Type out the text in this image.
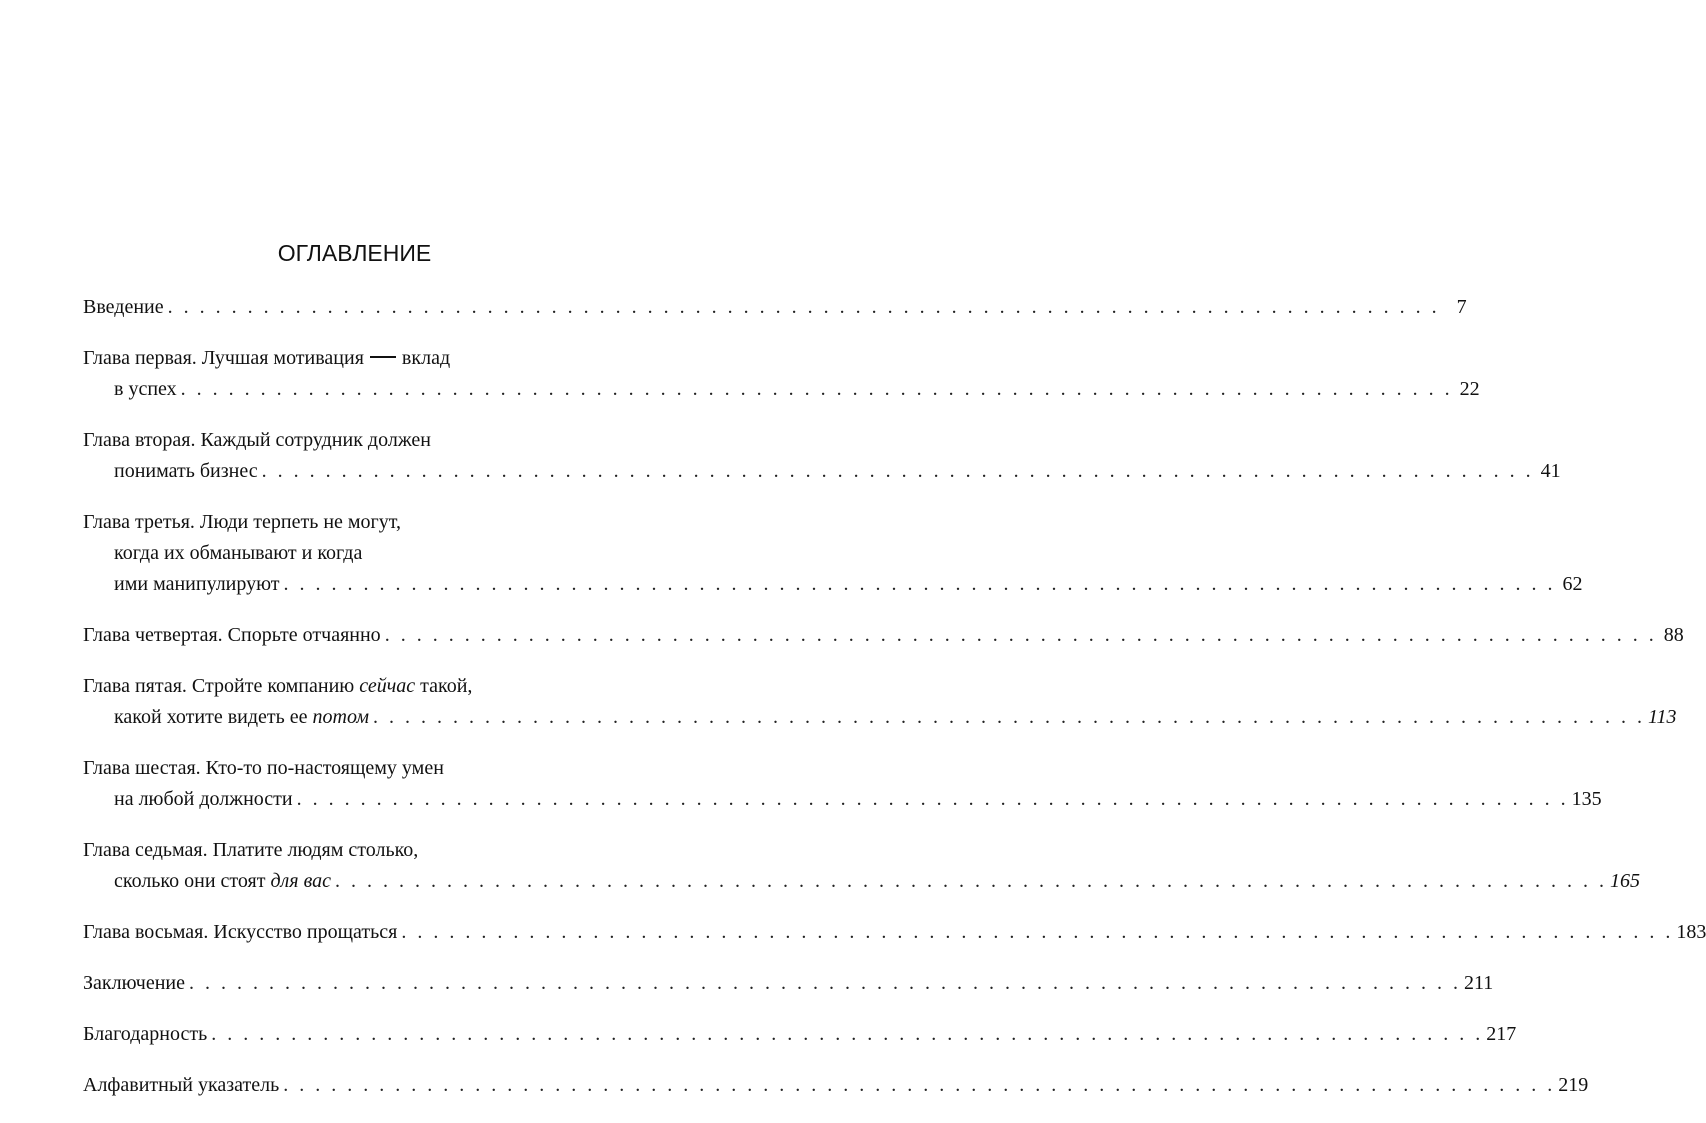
ОГЛАВЛЕНИЕ
Введение . . . . . . . . . . . . . . . . . . . . . . . . . . . . . . . . . . . . . . . . . . . . . . . . . . . . . . . . . . . . . . . . . . . . . . . . . . . . . . . . 7
Глава первая. Лучшая мотивация вклад
в успех . . . . . . . . . . . . . . . . . . . . . . . . . . . . . . . . . . . . . . . . . . . . . . . . . . . . . . . . . . . . . . . . . . . . . . . . . . . . . . . . 22
Глава вторая. Каждый сотрудник должен
понимать бизнес . . . . . . . . . . . . . . . . . . . . . . . . . . . . . . . . . . . . . . . . . . . . . . . . . . . . . . . . . . . . . . . . . . . . . . . . . . . . . . . . 41
Глава третья. Люди терпеть не могут,
когда их обманывают и когда
ими манипулируют . . . . . . . . . . . . . . . . . . . . . . . . . . . . . . . . . . . . . . . . . . . . . . . . . . . . . . . . . . . . . . . . . . . . . . . . . . . . . . . . 62
Глава четвертая. Спорьте отчаянно . . . . . . . . . . . . . . . . . . . . . . . . . . . . . . . . . . . . . . . . . . . . . . . . . . . . . . . . . . . . . . . . . . . . . . . . . . . . . . . . 88
Глава пятая. Стройте компанию сейчас такой,
какой хотите видеть ее потом . . . . . . . . . . . . . . . . . . . . . . . . . . . . . . . . . . . . . . . . . . . . . . . . . . . . . . . . . . . . . . . . . . . . . . . . . . . . . . . . 113
Глава шестая. Кто-то по-настоящему умен
на любой должности . . . . . . . . . . . . . . . . . . . . . . . . . . . . . . . . . . . . . . . . . . . . . . . . . . . . . . . . . . . . . . . . . . . . . . . . . . . . . . . . 135
Глава седьмая. Платите людям столько,
сколько они стоят для вас . . . . . . . . . . . . . . . . . . . . . . . . . . . . . . . . . . . . . . . . . . . . . . . . . . . . . . . . . . . . . . . . . . . . . . . . . . . . . . . . 165
Глава восьмая. Искусство прощаться . . . . . . . . . . . . . . . . . . . . . . . . . . . . . . . . . . . . . . . . . . . . . . . . . . . . . . . . . . . . . . . . . . . . . . . . . . . . . . . . 183
Заключение . . . . . . . . . . . . . . . . . . . . . . . . . . . . . . . . . . . . . . . . . . . . . . . . . . . . . . . . . . . . . . . . . . . . . . . . . . . . . . . . 211
Благодарность . . . . . . . . . . . . . . . . . . . . . . . . . . . . . . . . . . . . . . . . . . . . . . . . . . . . . . . . . . . . . . . . . . . . . . . . . . . . . . . . 217
Алфавитный указатель . . . . . . . . . . . . . . . . . . . . . . . . . . . . . . . . . . . . . . . . . . . . . . . . . . . . . . . . . . . . . . . . . . . . . . . . . . . . . . . . 219
